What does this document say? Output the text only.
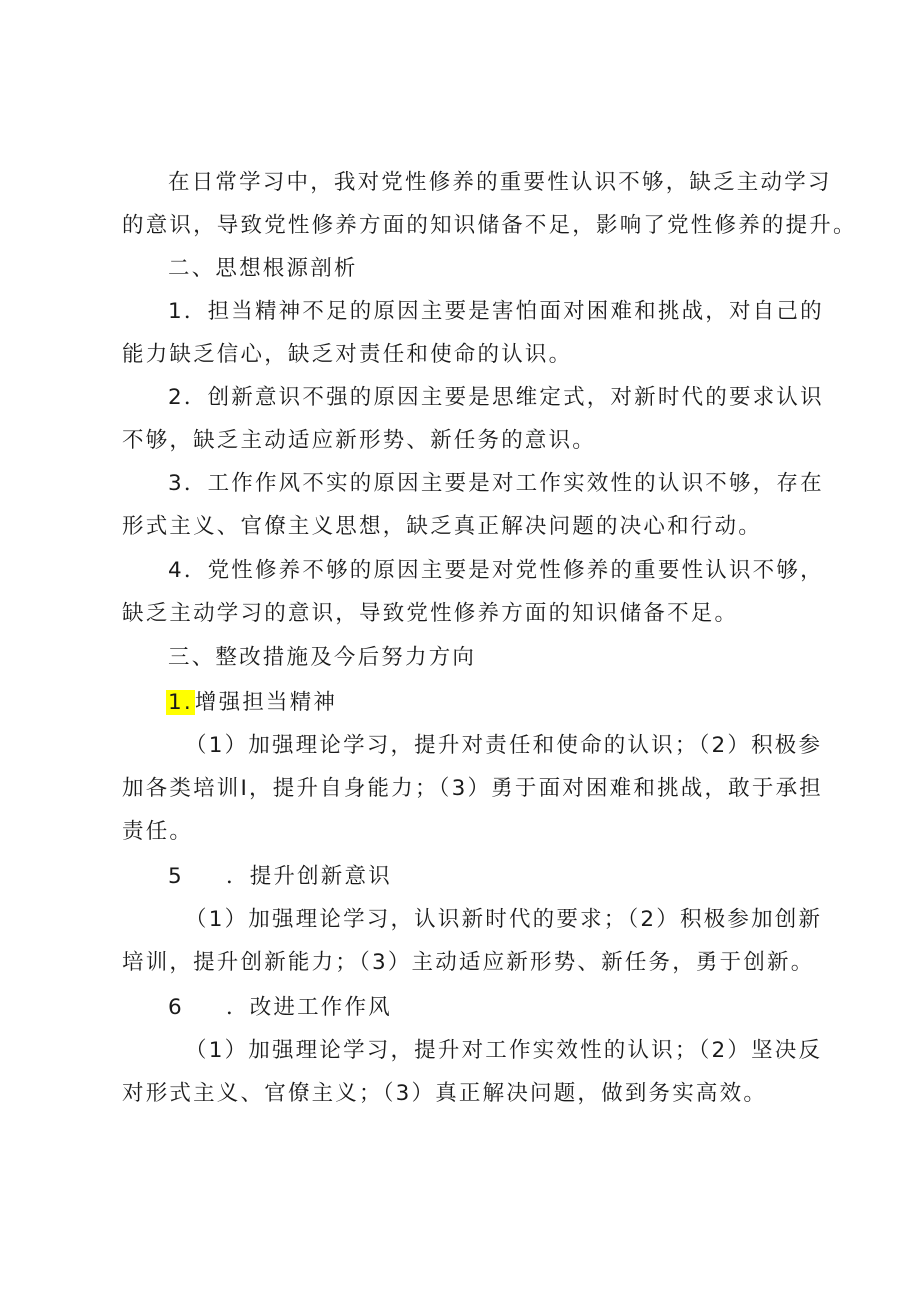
在日常学习中，我对党性修养的重要性认识不够，缺乏主动学习
的意识，导致党性修养方面的知识储备不足，影响了党性修养的提升。
二、思想根源剖析
1．担当精神不足的原因主要是害怕面对困难和挑战，对自己的
能力缺乏信心，缺乏对责任和使命的认识。
2．创新意识不强的原因主要是思维定式，对新时代的要求认识
不够，缺乏主动适应新形势、新任务的意识。
3．工作作风不实的原因主要是对工作实效性的认识不够，存在
形式主义、官僚主义思想，缺乏真正解决问题的决心和行动。
4．党性修养不够的原因主要是对党性修养的重要性认识不够，
缺乏主动学习的意识，导致党性修养方面的知识储备不足。
三、整改措施及今后努力方向
1.增强担当精神
（1）加强理论学习，提升对责任和使命的认识；（2）积极参
加各类培训I，提升自身能力；（3）勇于面对困难和挑战，敢于承担
责任。
5 ．提升创新意识
（1）加强理论学习，认识新时代的要求；（2）积极参加创新
培训，提升创新能力；（3）主动适应新形势、新任务，勇于创新。
6 ．改进工作作风
（1）加强理论学习，提升对工作实效性的认识；（2）坚决反
对形式主义、官僚主义；（3）真正解决问题，做到务实高效。
